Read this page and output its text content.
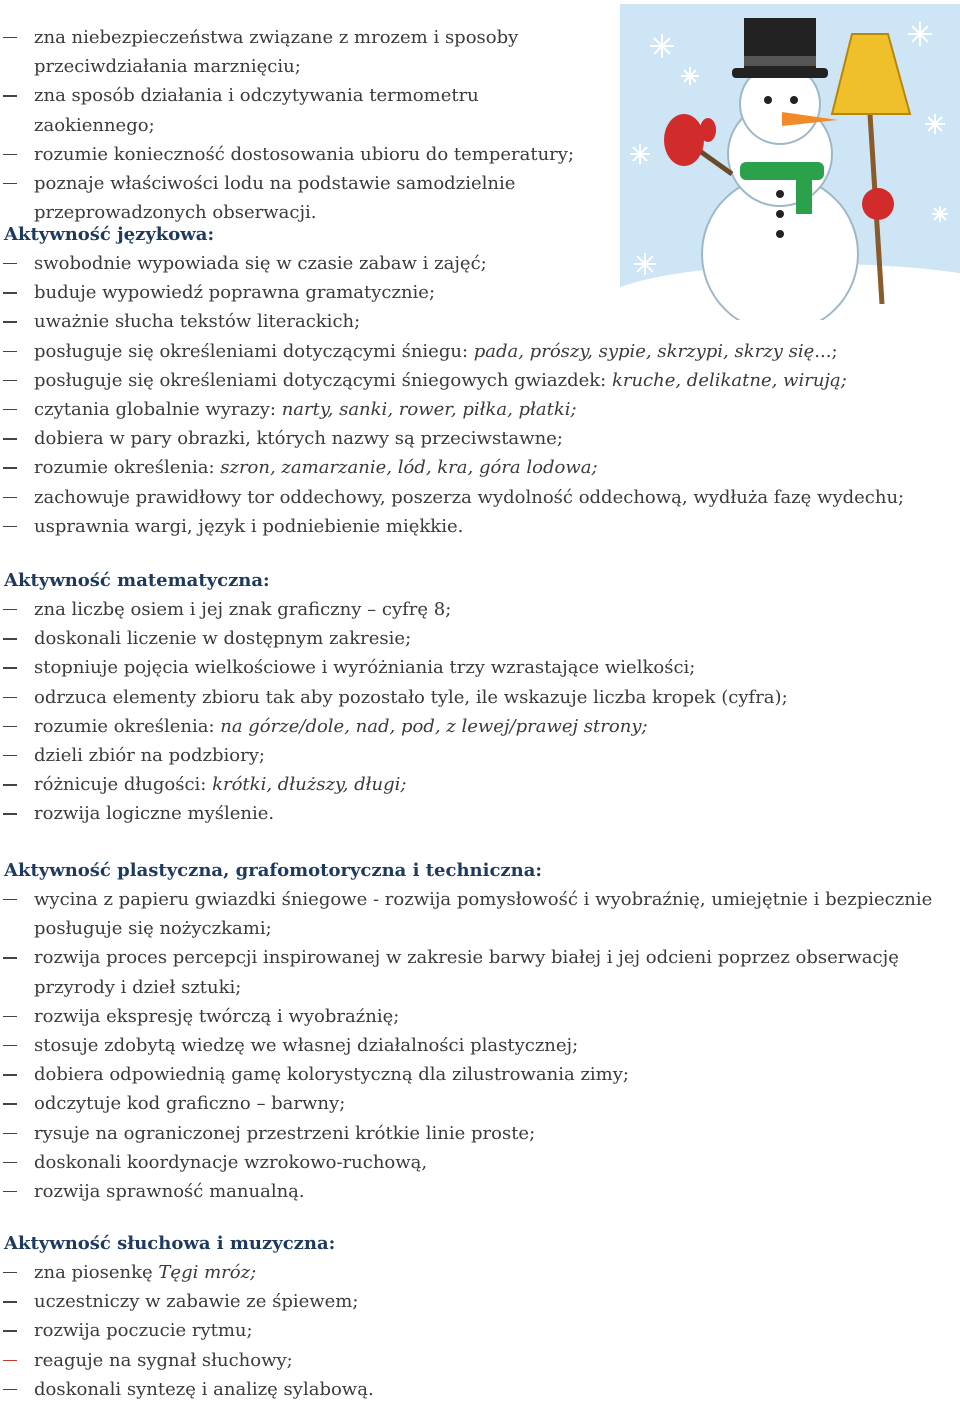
zna niebezpieczeństwa związane z mrozem i sposoby przeciwdziałania marznięciu;
zna sposób działania i odczytywania termometru zaokiennego;
rozumie konieczność dostosowania ubioru do temperatury;
poznaje właściwości lodu na podstawie samodzielnie przeprowadzonych obserwacji.

Aktywność językowa:

swobodnie wypowiada się w czasie zabaw i zajęć;
buduje wypowiedź poprawna gramatycznie;
uważnie słucha tekstów literackich;
posługuje się określeniami dotyczącymi śniegu: pada, prószy, sypie, skrzypi, skrzy się...;
posługuje się określeniami dotyczącymi śniegowych gwiazdek: kruche, delikatne, wirują;
czytania globalnie wyrazy: narty, sanki, rower, piłka, płatki;
dobiera w pary obrazki, których nazwy są przeciwstawne;
rozumie określenia: szron, zamarzanie, lód, kra, góra lodowa;
zachowuje prawidłowy tor oddechowy, poszerza wydolność oddechową, wydłuża fazę wydechu;
usprawnia wargi, język i podniebienie miękkie.

Aktywność matematyczna:

zna liczbę osiem i jej znak graficzny – cyfrę 8;
doskonali liczenie w dostępnym zakresie;
stopniuje pojęcia wielkościowe i wyróżniania trzy wzrastające wielkości;
odrzuca elementy zbioru tak aby pozostało tyle, ile wskazuje liczba kropek (cyfra);
rozumie określenia: na górze/dole, nad, pod, z lewej/prawej strony;
dzieli zbiór na podzbiory;
różnicuje długości: krótki, dłuższy, długi;
rozwija logiczne myślenie.

Aktywność plastyczna, grafomotoryczna i techniczna:

wycina z papieru gwiazdki śniegowe - rozwija pomysłowość i wyobraźnię, umiejętnie i bezpiecznie posługuje się nożyczkami;
rozwija proces percepcji inspirowanej w zakresie barwy białej i jej odcieni poprzez obserwację przyrody i dzieł sztuki;
rozwija ekspresję twórczą i wyobraźnię;
stosuje zdobytą wiedzę we własnej działalności plastycznej;
dobiera odpowiednią gamę kolorystyczną dla zilustrowania zimy;
odczytuje kod graficzno – barwny;
rysuje na ograniczonej przestrzeni krótkie linie proste;
doskonali koordynacje wzrokowo-ruchową,
rozwija sprawność manualną.

Aktywność słuchowa i muzyczna:

zna piosenkę Tęgi mróz;
uczestniczy w zabawie ze śpiewem;
rozwija poczucie rytmu;
reaguje na sygnał słuchowy;
doskonali syntezę i analizę sylabową.
